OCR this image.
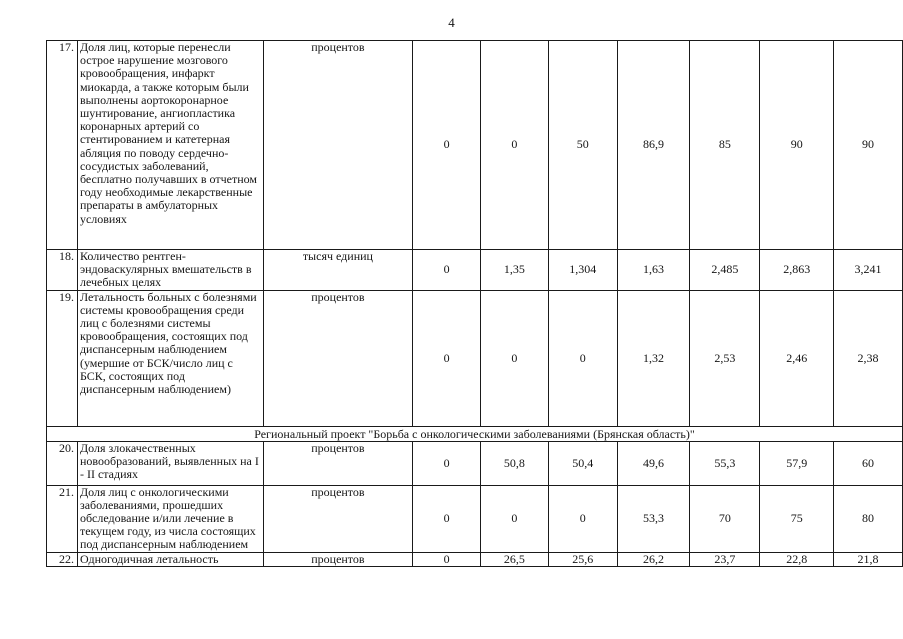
4
17.	Доля лиц, которые перенесли острое нарушение мозгового кровообращения, инфаркт миокарда, а также которым были выполнены аортокоронарное шунтирование, ангиопластика коронарных артерий со стентированием и катетерная абляция по поводу сердечно-сосудистых заболеваний, бесплатно получавших в отчетном году необходимые лекарственные препараты в амбулаторных условиях	процентов	0	0	50	86,9	85	90	90
18.	Количество рентген-эндоваскулярных вмешательств в лечебных целях	тысяч единиц	0	1,35	1,304	1,63	2,485	2,863	3,241
19.	Летальность больных с болезнями системы кровообращения среди лиц с болезнями системы кровообращения, состоящих под диспансерным наблюдением (умершие от БСК/число лиц с БСК, состоящих под диспансерным наблюдением)	процентов	0	0	0	1,32	2,53	2,46	2,38
Региональный проект "Борьба с онкологическими заболеваниями (Брянская область)"									
20.	Доля злокачественных новообразований, выявленных на I - II стадиях	процентов	0	50,8	50,4	49,6	55,3	57,9	60
21.	Доля лиц с онкологическими заболеваниями, прошедших обследование и/или лечение в текущем году, из числа состоящих под диспансерным наблюдением	процентов	0	0	0	53,3	70	75	80
22.	Одногодичная летальность	процентов	0	26,5	25,6	26,2	23,7	22,8	21,8
